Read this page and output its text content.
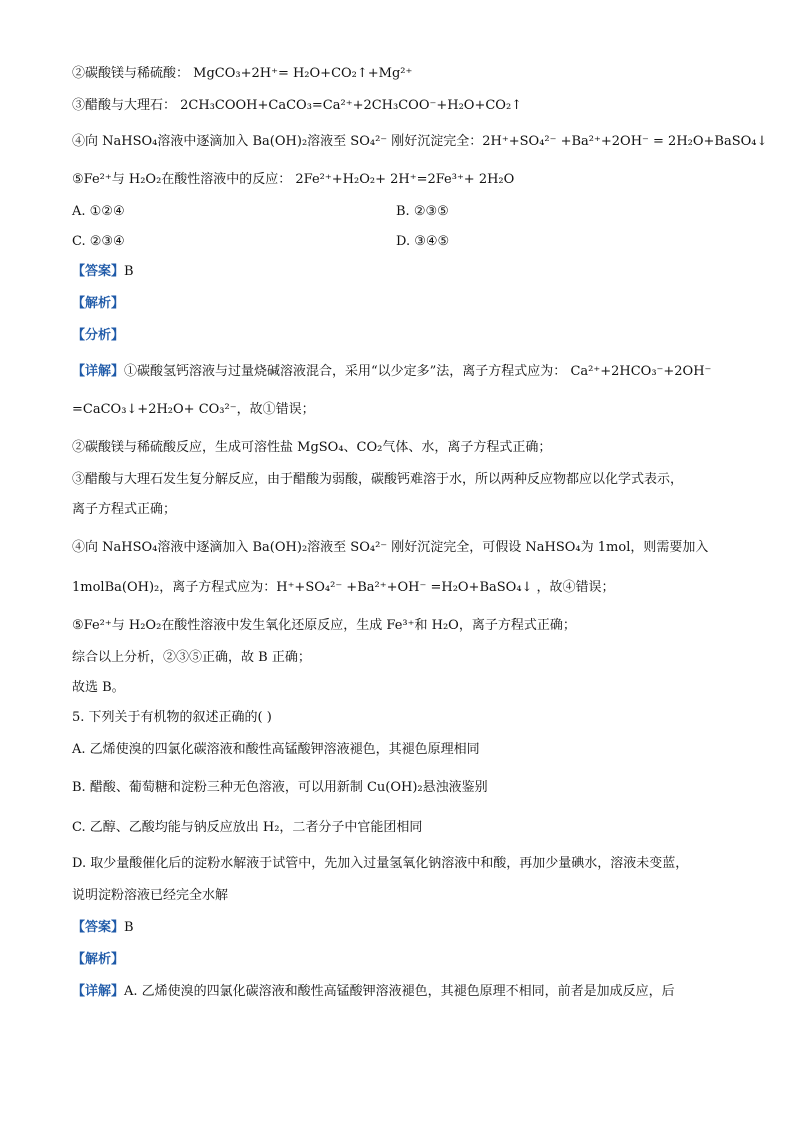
②碳酸镁与稀硫酸： MgCO₃+2H⁺= H₂O+CO₂↑+Mg²⁺
③醋酸与大理石： 2CH₃COOH+CaCO₃=Ca²⁺+2CH₃COO⁻+H₂O+CO₂↑
④向 NaHSO₄溶液中逐滴加入 Ba(OH)₂溶液至 SO₄²⁻ 刚好沉淀完全：2H⁺+SO₄²⁻ +Ba²⁺+2OH⁻ = 2H₂O+BaSO₄↓
⑤Fe²⁺与 H₂O₂在酸性溶液中的反应： 2Fe²⁺+H₂O₂+ 2H⁺=2Fe³⁺+ 2H₂O
A. ①②④	B. ②③⑤
C. ②③④	D. ③④⑤
【答案】B
【解析】
【分析】
【详解】①碳酸氢钙溶液与过量烧碱溶液混合，采用“以少定多”法，离子方程式应为： Ca²⁺+2HCO₃⁻+2OH⁻
=CaCO₃↓+2H₂O+ CO₃²⁻，故①错误；
②碳酸镁与稀硫酸反应，生成可溶性盐 MgSO₄、CO₂气体、水，离子方程式正确；
③醋酸与大理石发生复分解反应，由于醋酸为弱酸，碳酸钙难溶于水，所以两种反应物都应以化学式表示，
离子方程式正确；
④向 NaHSO₄溶液中逐滴加入 Ba(OH)₂溶液至 SO₄²⁻ 刚好沉淀完全，可假设 NaHSO₄为 1mol，则需要加入
1molBa(OH)₂，离子方程式应为：H⁺+SO₄²⁻ +Ba²⁺+OH⁻ =H₂O+BaSO₄↓ ，故④错误；
⑤Fe²⁺与 H₂O₂在酸性溶液中发生氧化还原反应，生成 Fe³⁺和 H₂O，离子方程式正确；
综合以上分析，②③⑤正确，故 B 正确；
故选 B。
5. 下列关于有机物的叙述正确的( )
A. 乙烯使溴的四氯化碳溶液和酸性高锰酸钾溶液褪色，其褪色原理相同
B. 醋酸、葡萄糖和淀粉三种无色溶液，可以用新制 Cu(OH)₂悬浊液鉴别
C. 乙醇、乙酸均能与钠反应放出 H₂，二者分子中官能团相同
D. 取少量酸催化后的淀粉水解液于试管中，先加入过量氢氧化钠溶液中和酸，再加少量碘水，溶液未变蓝，
说明淀粉溶液已经完全水解
【答案】B
【解析】
【详解】A. 乙烯使溴的四氯化碳溶液和酸性高锰酸钾溶液褪色，其褪色原理不相同，前者是加成反应，后
